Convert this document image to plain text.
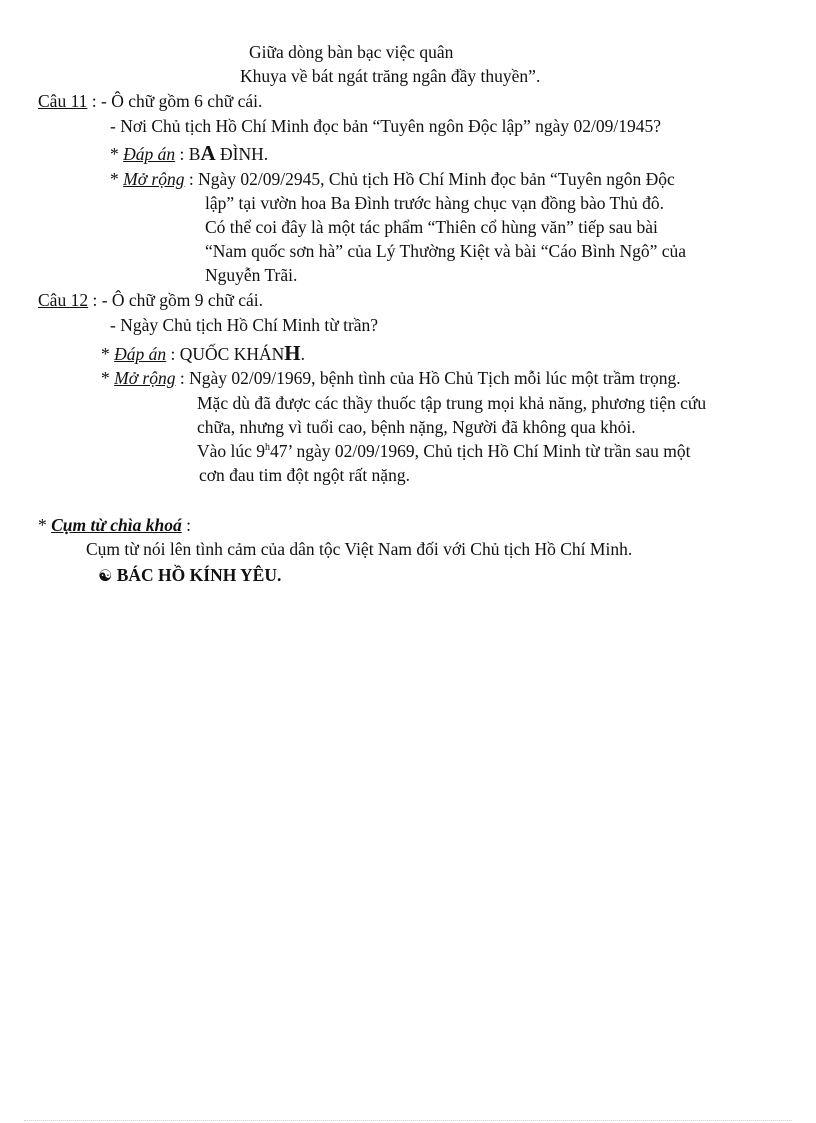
Giữa dòng bàn bạc việc quân
Khuya về bát ngát trăng ngân đầy thuyền”.
Câu 11 : - Ô chữ gồm 6 chữ cái.
- Nơi Chủ tịch Hồ Chí Minh đọc bản “Tuyên ngôn Độc lập” ngày 02/09/1945?
* Đáp án : BA ĐÌNH.
* Mở rộng : Ngày 02/09/2945, Chủ tịch Hồ Chí Minh đọc bản “Tuyên ngôn Độc
lập” tại vườn hoa Ba Đình trước hàng chục vạn đồng bào Thủ đô.
Có thể coi đây là một tác phẩm “Thiên cổ hùng văn” tiếp sau bài
“Nam quốc sơn hà” của Lý Thường Kiệt và bài “Cáo Bình Ngô” của
Nguyễn Trãi.
Câu 12 : - Ô chữ gồm 9 chữ cái.
- Ngày Chủ tịch Hồ Chí Minh từ trần?
* Đáp án : QUỐC KHÁNH.
* Mở rộng : Ngày 02/09/1969, bệnh tình của Hồ Chủ Tịch mỗi lúc một trầm trọng.
Mặc dù đã được các thầy thuốc tập trung mọi khả năng, phương tiện cứu
chữa, nhưng vì tuổi cao, bệnh nặng, Người đã không qua khỏi.
Vào lúc 9$^h$47’ ngày 02/09/1969, Chủ tịch Hồ Chí Minh từ trần sau một
cơn đau tim đột ngột rất nặng.
* Cụm từ chìa khoá :
Cụm từ nói lên tình cảm của dân tộc Việt Nam đối với Chủ tịch Hồ Chí Minh.
☯ BÁC HỒ KÍNH YÊU.
